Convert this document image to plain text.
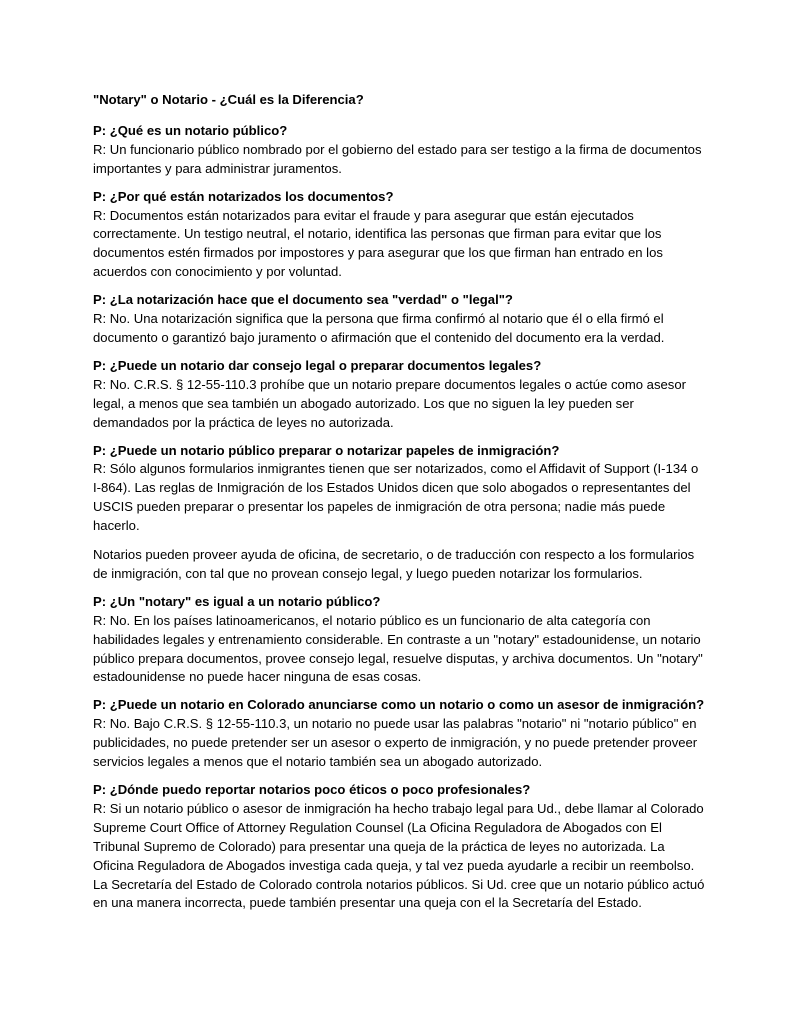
"Notary" o Notario - ¿Cuál es la Diferencia?
P: ¿Qué es un notario público?
R: Un funcionario público nombrado por el gobierno del estado para ser testigo a la firma de documentos importantes y para administrar juramentos.
P: ¿Por qué están notarizados los documentos?
R: Documentos están notarizados para evitar el fraude y para asegurar que están ejecutados correctamente. Un testigo neutral, el notario, identifica las personas que firman para evitar que los documentos estén firmados por impostores y para asegurar que los que firman han entrado en los acuerdos con conocimiento y por voluntad.
P: ¿La notarización hace que el documento sea "verdad" o "legal"?
R: No. Una notarización significa que la persona que firma confirmó al notario que él o ella firmó el documento o garantizó bajo juramento o afirmación que el contenido del documento era la verdad.
P: ¿Puede un notario dar consejo legal o preparar documentos legales?
R: No. C.R.S. § 12-55-110.3 prohíbe que un notario prepare documentos legales o actúe como asesor legal, a menos que sea también un abogado autorizado. Los que no siguen la ley pueden ser demandados por la práctica de leyes no autorizada.
P: ¿Puede un notario público preparar o notarizar papeles de inmigración?
R: Sólo algunos formularios inmigrantes tienen que ser notarizados, como el Affidavit of Support (I-134 o I-864). Las reglas de Inmigración de los Estados Unidos dicen que solo abogados o representantes del USCIS pueden preparar o presentar los papeles de inmigración de otra persona; nadie más puede hacerlo.
Notarios pueden proveer ayuda de oficina, de secretario, o de traducción con respecto a los formularios de inmigración, con tal que no provean consejo legal, y luego pueden notarizar los formularios.
P: ¿Un "notary" es igual a un notario público?
R: No. En los países latinoamericanos, el notario público es un funcionario de alta categoría con habilidades legales y entrenamiento considerable. En contraste a un "notary" estadounidense, un notario público prepara documentos, provee consejo legal, resuelve disputas, y archiva documentos. Un "notary" estadounidense no puede hacer ninguna de esas cosas.
P: ¿Puede un notario en Colorado anunciarse como un notario o como un asesor de inmigración?
R: No. Bajo C.R.S. § 12-55-110.3, un notario no puede usar las palabras "notario" ni "notario público" en publicidades, no puede pretender ser un asesor o experto de inmigración, y no puede pretender proveer servicios legales a menos que el notario también sea un abogado autorizado.
P: ¿Dónde puedo reportar notarios poco éticos o poco profesionales?
R: Si un notario público o asesor de inmigración ha hecho trabajo legal para Ud., debe llamar al Colorado Supreme Court Office of Attorney Regulation Counsel (La Oficina Reguladora de Abogados con El Tribunal Supremo de Colorado) para presentar una queja de la práctica de leyes no autorizada. La Oficina Reguladora de Abogados investiga cada queja, y tal vez pueda ayudarle a recibir un reembolso. La Secretaría del Estado de Colorado controla notarios públicos. Si Ud. cree que un notario público actuó en una manera incorrecta, puede también presentar una queja con el la Secretaría del Estado.
